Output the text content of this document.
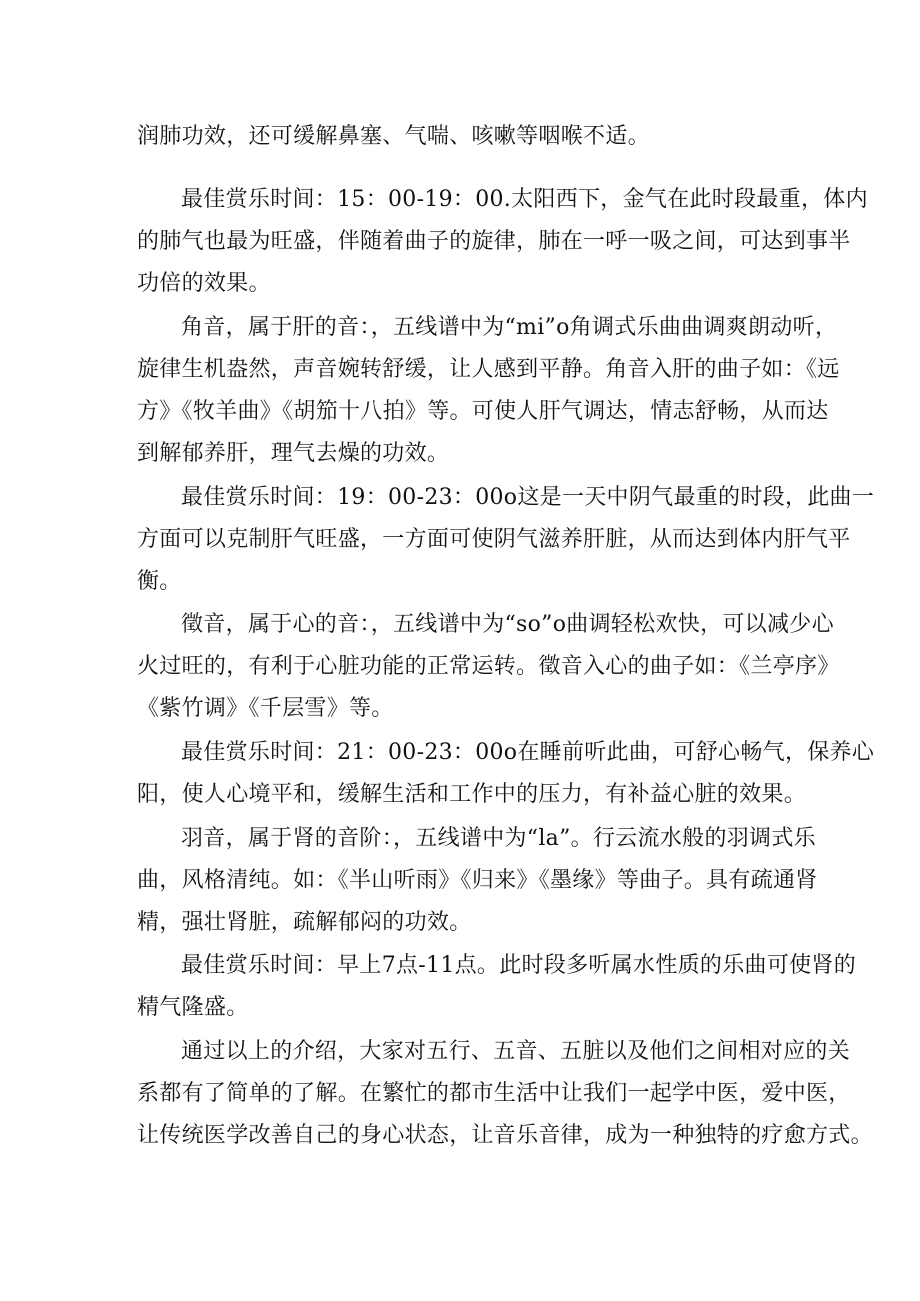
润肺功效，还可缓解鼻塞、气喘、咳嗽等咽喉不适。
最佳赏乐时间：15：00-19：00.太阳西下，金气在此时段最重，体内
的肺气也最为旺盛，伴随着曲子的旋律，肺在一呼一吸之间，可达到事半
功倍的效果。
角音，属于肝的音：，五线谱中为“mi”o角调式乐曲曲调爽朗动听，
旋律生机盎然，声音婉转舒缓，让人感到平静。角音入肝的曲子如：《远
方》《牧羊曲》《胡笳十八拍》等。可使人肝气调达，情志舒畅，从而达
到解郁养肝，理气去燥的功效。
最佳赏乐时间：19：00-23：00o这是一天中阴气最重的时段，此曲一
方面可以克制肝气旺盛，一方面可使阴气滋养肝脏，从而达到体内肝气平
衡。
徵音，属于心的音：，五线谱中为“so”o曲调轻松欢快，可以减少心
火过旺的，有利于心脏功能的正常运转。徵音入心的曲子如：《兰亭序》
《紫竹调》《千层雪》等。
最佳赏乐时间：21：00-23：00o在睡前听此曲，可舒心畅气，保养心
阳，使人心境平和，缓解生活和工作中的压力，有补益心脏的效果。
羽音，属于肾的音阶：，五线谱中为“la”。行云流水般的羽调式乐
曲，风格清纯。如：《半山听雨》《归来》《墨缘》等曲子。具有疏通肾
精，强壮肾脏，疏解郁闷的功效。
最佳赏乐时间：早上7点-11点。此时段多听属水性质的乐曲可使肾的
精气隆盛。
通过以上的介绍，大家对五行、五音、五脏以及他们之间相对应的关
系都有了简单的了解。在繁忙的都市生活中让我们一起学中医，爱中医，
让传统医学改善自己的身心状态，让音乐音律，成为一种独特的疗愈方式。
